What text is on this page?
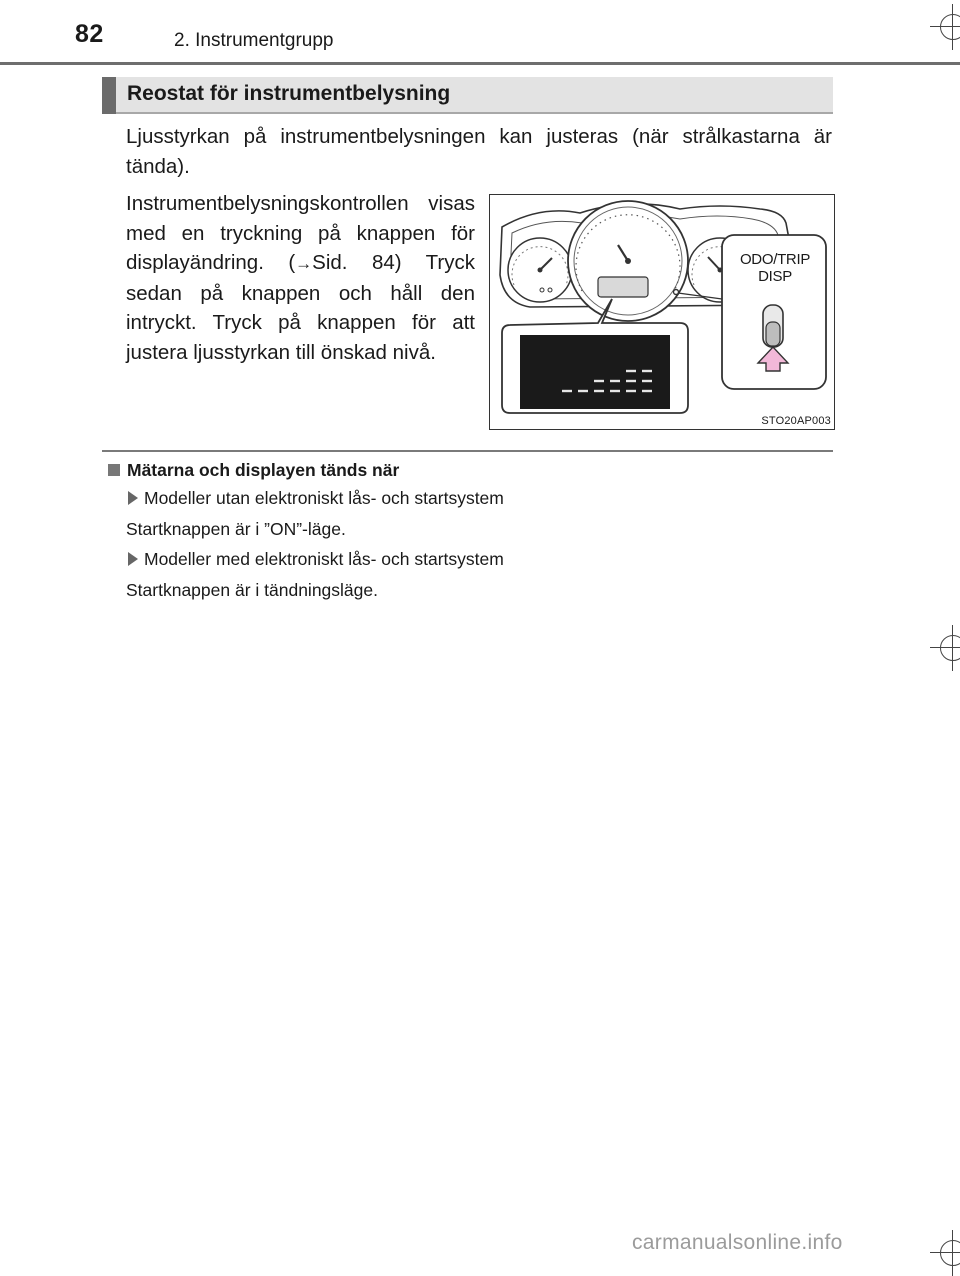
82	2. Instrumentgrupp
Reostat för instrumentbelysning

Ljusstyrkan på instrumentbelysningen kan justeras (när strålkastarna är tända).

Instrumentbelysningskontrollen visas med en tryckning på knappen för displayändring. (→Sid. 84) Tryck sedan på knappen och håll den intryckt. Tryck på knappen för att justera ljusstyrkan till önskad nivå.

STO20AP003
ODO/TRIP
DISP
Mätarna och displayen tänds när
Modeller utan elektroniskt lås- och startsystem
Startknappen är i ”ON”-läge.
Modeller med elektroniskt lås- och startsystem
Startknappen är i tändningsläge.
carmanualsonline.info
